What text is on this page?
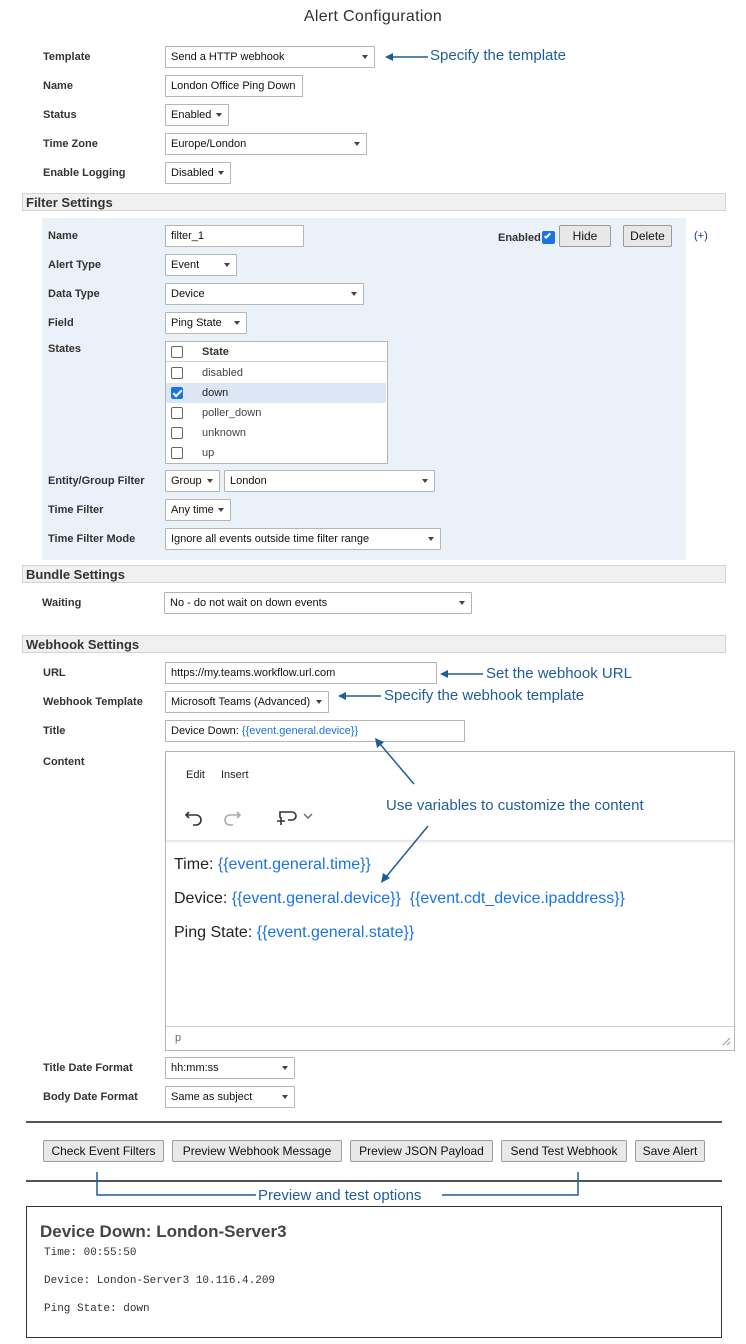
Alert Configuration
Template	Send a HTTP webhook
Name	London Office Ping Down
Status	Enabled
Time Zone	Europe/London
Enable Logging	Disabled
Specify the template
Filter Settings
Name	filter_1	Enabled	Hide	Delete	(+)
Alert Type	Event
Data Type	Device
Field	Ping State
States	State
disabled
down
poller_down
unknown
up
Entity/Group Filter Group	London
Time Filter	Any time
Time Filter Mode	Ignore all events outside time filter range
Bundle Settings
Waiting	No - do not wait on down events
Webhook Settings
URL	https://my.teams.workflow.url.com	Set the webhook URL
Webhook Template	Microsoft Teams (Advanced)	Specify the webhook template
Title	Device Down: {{event.general.device}}
Content
Edit Insert
Time: {{event.general.time}}
Device: {{event.general.device}} {{event.cdt_device.ipaddress}}
Ping State: {{event.general.state}}
p
Use variables to customize the content
Title Date Format	hh:mm:ss
Body Date Format	Same as subject
Check Event Filters	Preview Webhook Message	Preview JSON Payload	Send Test Webhook	Save Alert
Preview and test options
Device Down: London-Server3
Time: 00:55:50
Device: London-Server3 10.116.4.209
Ping State: down
